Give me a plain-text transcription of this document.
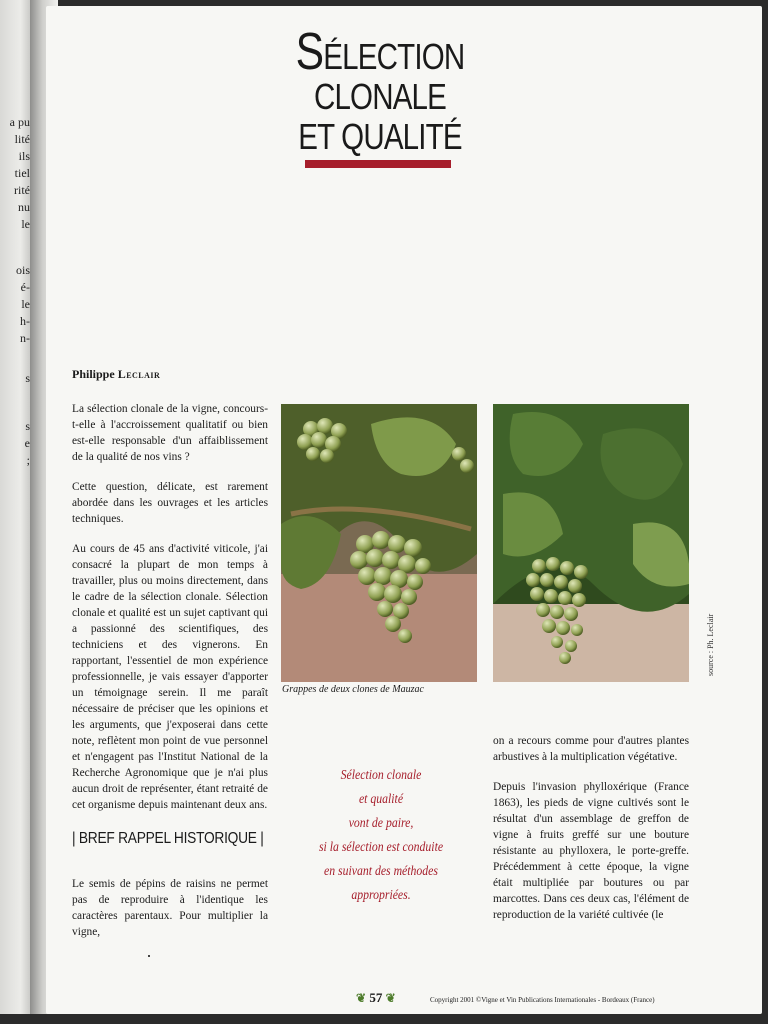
a pu
lité
ils
tiel
rité
nu
le
ois
é-
le
h-
n-
s
s
e
;
SÉLECTION CLONALE
ET QUALITÉ
Philippe Leclair

La sélection clonale de la vigne, concours-t-elle à l'accroissement qualitatif ou bien est-elle responsable d'un affaiblissement de la qualité de nos vins ?

Cette question, délicate, est rarement abordée dans les ouvrages et les articles techniques.

Au cours de 45 ans d'activité viticole, j'ai consacré la plupart de mon temps à travailler, plus ou moins directement, dans le cadre de la sélection clonale. Sélection clonale et qualité est un sujet captivant qui a passionné des scientifiques, des techniciens et des vignerons. En rapportant, l'essentiel de mon expérience professionnelle, je vais essayer d'apporter un témoignage serein. Il me paraît nécessaire de préciser que les opinions et les arguments, que j'exposerai dans cette note, reflètent mon point de vue personnel et n'engagent pas l'Institut National de la Recherche Agronomique que je n'ai plus aucun droit de représenter, étant retraité de cet organisme depuis maintenant deux ans.

| BREF RAPPEL HISTORIQUE |

Le semis de pépins de raisins ne permet pas de reproduire à l'identique les caractères parentaux. Pour multiplier la vigne,

Grappes de deux clones de Mauzac
source : Ph. Leclair
Sélection clonale
et qualité
vont de paire,
si la sélection est conduite
en suivant des méthodes appropriées.

on a recours comme pour d'autres plantes arbustives à la multiplication végétative.

Depuis l'invasion phylloxérique (France 1863), les pieds de vigne cultivés sont le résultat d'un assemblage de greffon de vigne à fruits greffé sur une bouture résistante au phylloxera, le porte-greffe. Précédemment à cette époque, la vigne était multipliée par boutures ou par marcottes. Dans ces deux cas, l'élément de reproduction de la variété cultivée (le

❦ 57 ❦	Copyright 2001 ©Vigne et Vin Publications Internationales - Bordeaux (France)
